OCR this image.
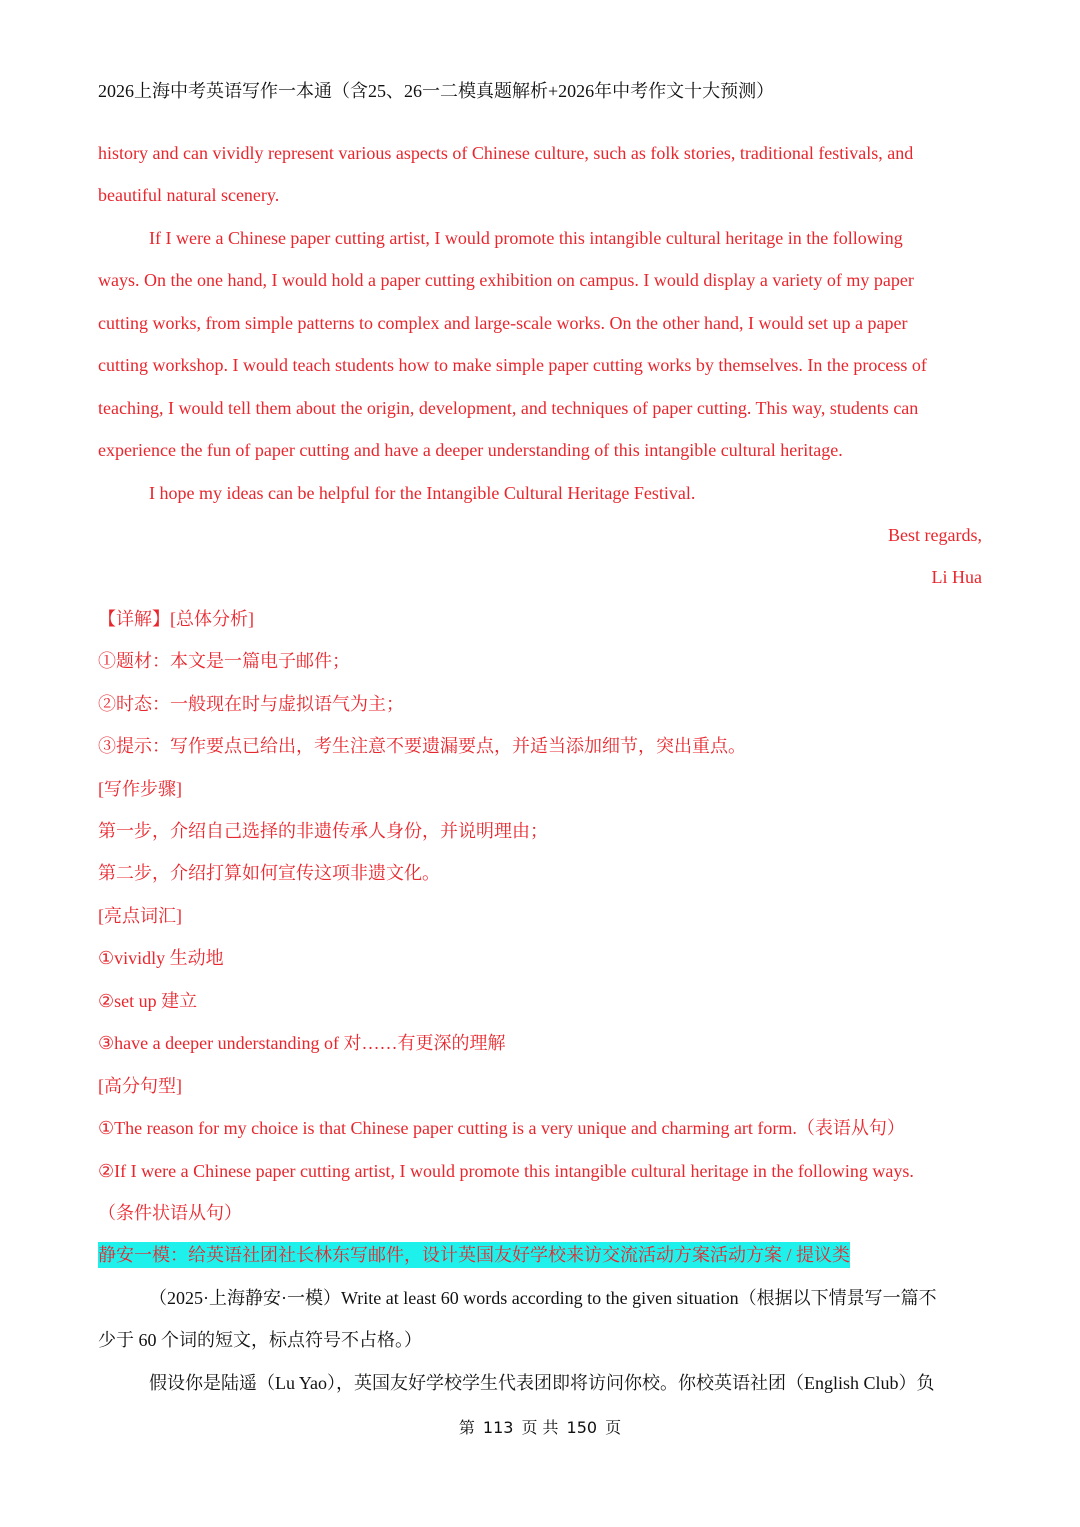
2026上海中考英语写作一本通（含25、26一二模真题解析+2026年中考作文十大预测）

history and can vividly represent various aspects of Chinese culture, such as folk stories, traditional festivals, and

beautiful natural scenery.

If I were a Chinese paper cutting artist, I would promote this intangible cultural heritage in the following

ways. On the one hand, I would hold a paper cutting exhibition on campus. I would display a variety of my paper

cutting works, from simple patterns to complex and large-scale works. On the other hand, I would set up a paper

cutting workshop. I would teach students how to make simple paper cutting works by themselves. In the process of

teaching, I would tell them about the origin, development, and techniques of paper cutting. This way, students can

experience the fun of paper cutting and have a deeper understanding of this intangible cultural heritage.

I hope my ideas can be helpful for the Intangible Cultural Heritage Festival.

Best regards,

Li Hua

【详解】[总体分析]

①题材：本文是一篇电子邮件；

②时态：一般现在时与虚拟语气为主；

③提示：写作要点已给出，考生注意不要遗漏要点，并适当添加细节，突出重点。

[写作步骤]

第一步，介绍自己选择的非遗传承人身份，并说明理由；

第二步，介绍打算如何宣传这项非遗文化。

[亮点词汇]

①vividly 生动地

②set up 建立

③have a deeper understanding of 对……有更深的理解

[高分句型]

①The reason for my choice is that Chinese paper cutting is a very unique and charming art form.（表语从句）

②If I were a Chinese paper cutting artist, I would promote this intangible cultural heritage in the following ways.

（条件状语从句）

静安一模：给英语社团社长林东写邮件，设计英国友好学校来访交流活动方案活动方案 / 提议类

（2025·上海静安·一模）Write at least 60 words according to the given situation（根据以下情景写一篇不

少于 60 个词的短文，标点符号不占格。）

假设你是陆遥（Lu Yao），英国友好学校学生代表团即将访问你校。你校英语社团（English Club）负

第 113 页 共 150 页
